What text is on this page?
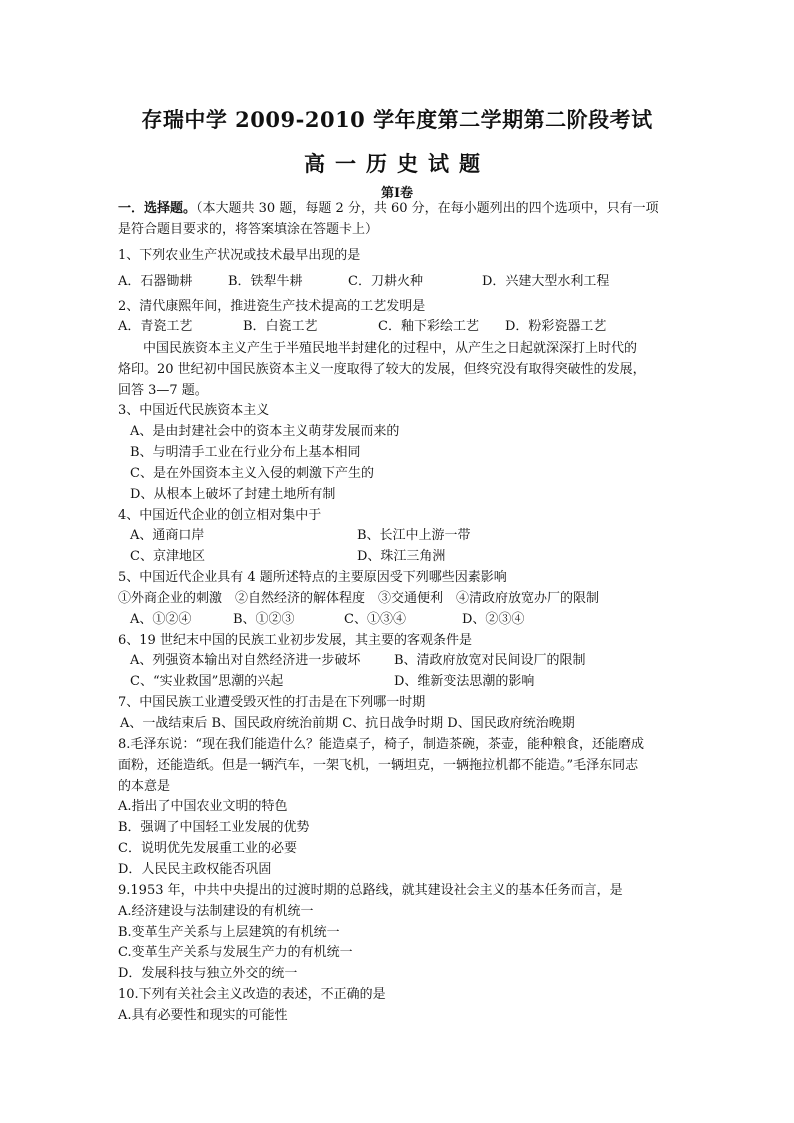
存瑞中学 2009-2010 学年度第二学期第二阶段考试
高一历史试题
第Ⅰ卷
一．选择题。（本大题共 30 题，每题 2 分，共 60 分，在每小题列出的四个选项中，只有一项
是符合题目要求的，将答案填涂在答题卡上）
1、下列农业生产状况或技术最早出现的是
A．石器锄耕	B．铁犁牛耕	C．刀耕火种	D．兴建大型水利工程
2、清代康熙年间，推进瓷生产技术提高的工艺发明是
A．青瓷工艺	B．白瓷工艺	C．釉下彩绘工艺 D．粉彩瓷器工艺
中国民族资本主义产生于半殖民地半封建化的过程中，从产生之日起就深深打上时代的
烙印。20 世纪初中国民族资本主义一度取得了较大的发展，但终究没有取得突破性的发展，
回答 3—7 题。
3、中国近代民族资本主义
A、是由封建社会中的资本主义萌芽发展而来的
B、与明清手工业在行业分布上基本相同
C、是在外国资本主义入侵的刺激下产生的
D、从根本上破坏了封建土地所有制
4、中国近代企业的创立相对集中于
A、通商口岸	B、长江中上游一带
C、京津地区	D、珠江三角洲
5、中国近代企业具有 4 题所述特点的主要原因受下列哪些因素影响
①外商企业的刺激　②自然经济的解体程度　③交通便利　④清政府放宽办厂的限制
A、①②④	B、①②③	C、①③④	D、②③④
6、19 世纪末中国的民族工业初步发展，其主要的客观条件是
A、列强资本输出对自然经济进一步破坏	B、清政府放宽对民间设厂的限制
C、“实业救国”思潮的兴起	D、维新变法思潮的影响
7、中国民族工业遭受毁灭性的打击是在下列哪一时期
A、一战结束后 B、国民政府统治前期 C、抗日战争时期 D、国民政府统治晚期
8.毛泽东说：“现在我们能造什么？能造桌子，椅子，制造茶碗，茶壶，能种粮食，还能磨成
面粉，还能造纸。但是一辆汽车，一架飞机，一辆坦克，一辆拖拉机都不能造。”毛泽东同志
的本意是
A.指出了中国农业文明的特色
B．强调了中国轻工业发展的优势
C．说明优先发展重工业的必要
D．人民民主政权能否巩固
9.1953 年，中共中央提出的过渡时期的总路线，就其建设社会主义的基本任务而言，是
A.经济建设与法制建设的有机统一
B.变革生产关系与上层建筑的有机统一
C.变革生产关系与发展生产力的有机统一
D．发展科技与独立外交的统一
10.下列有关社会主义改造的表述，不正确的是
A.具有必要性和现实的可能性
